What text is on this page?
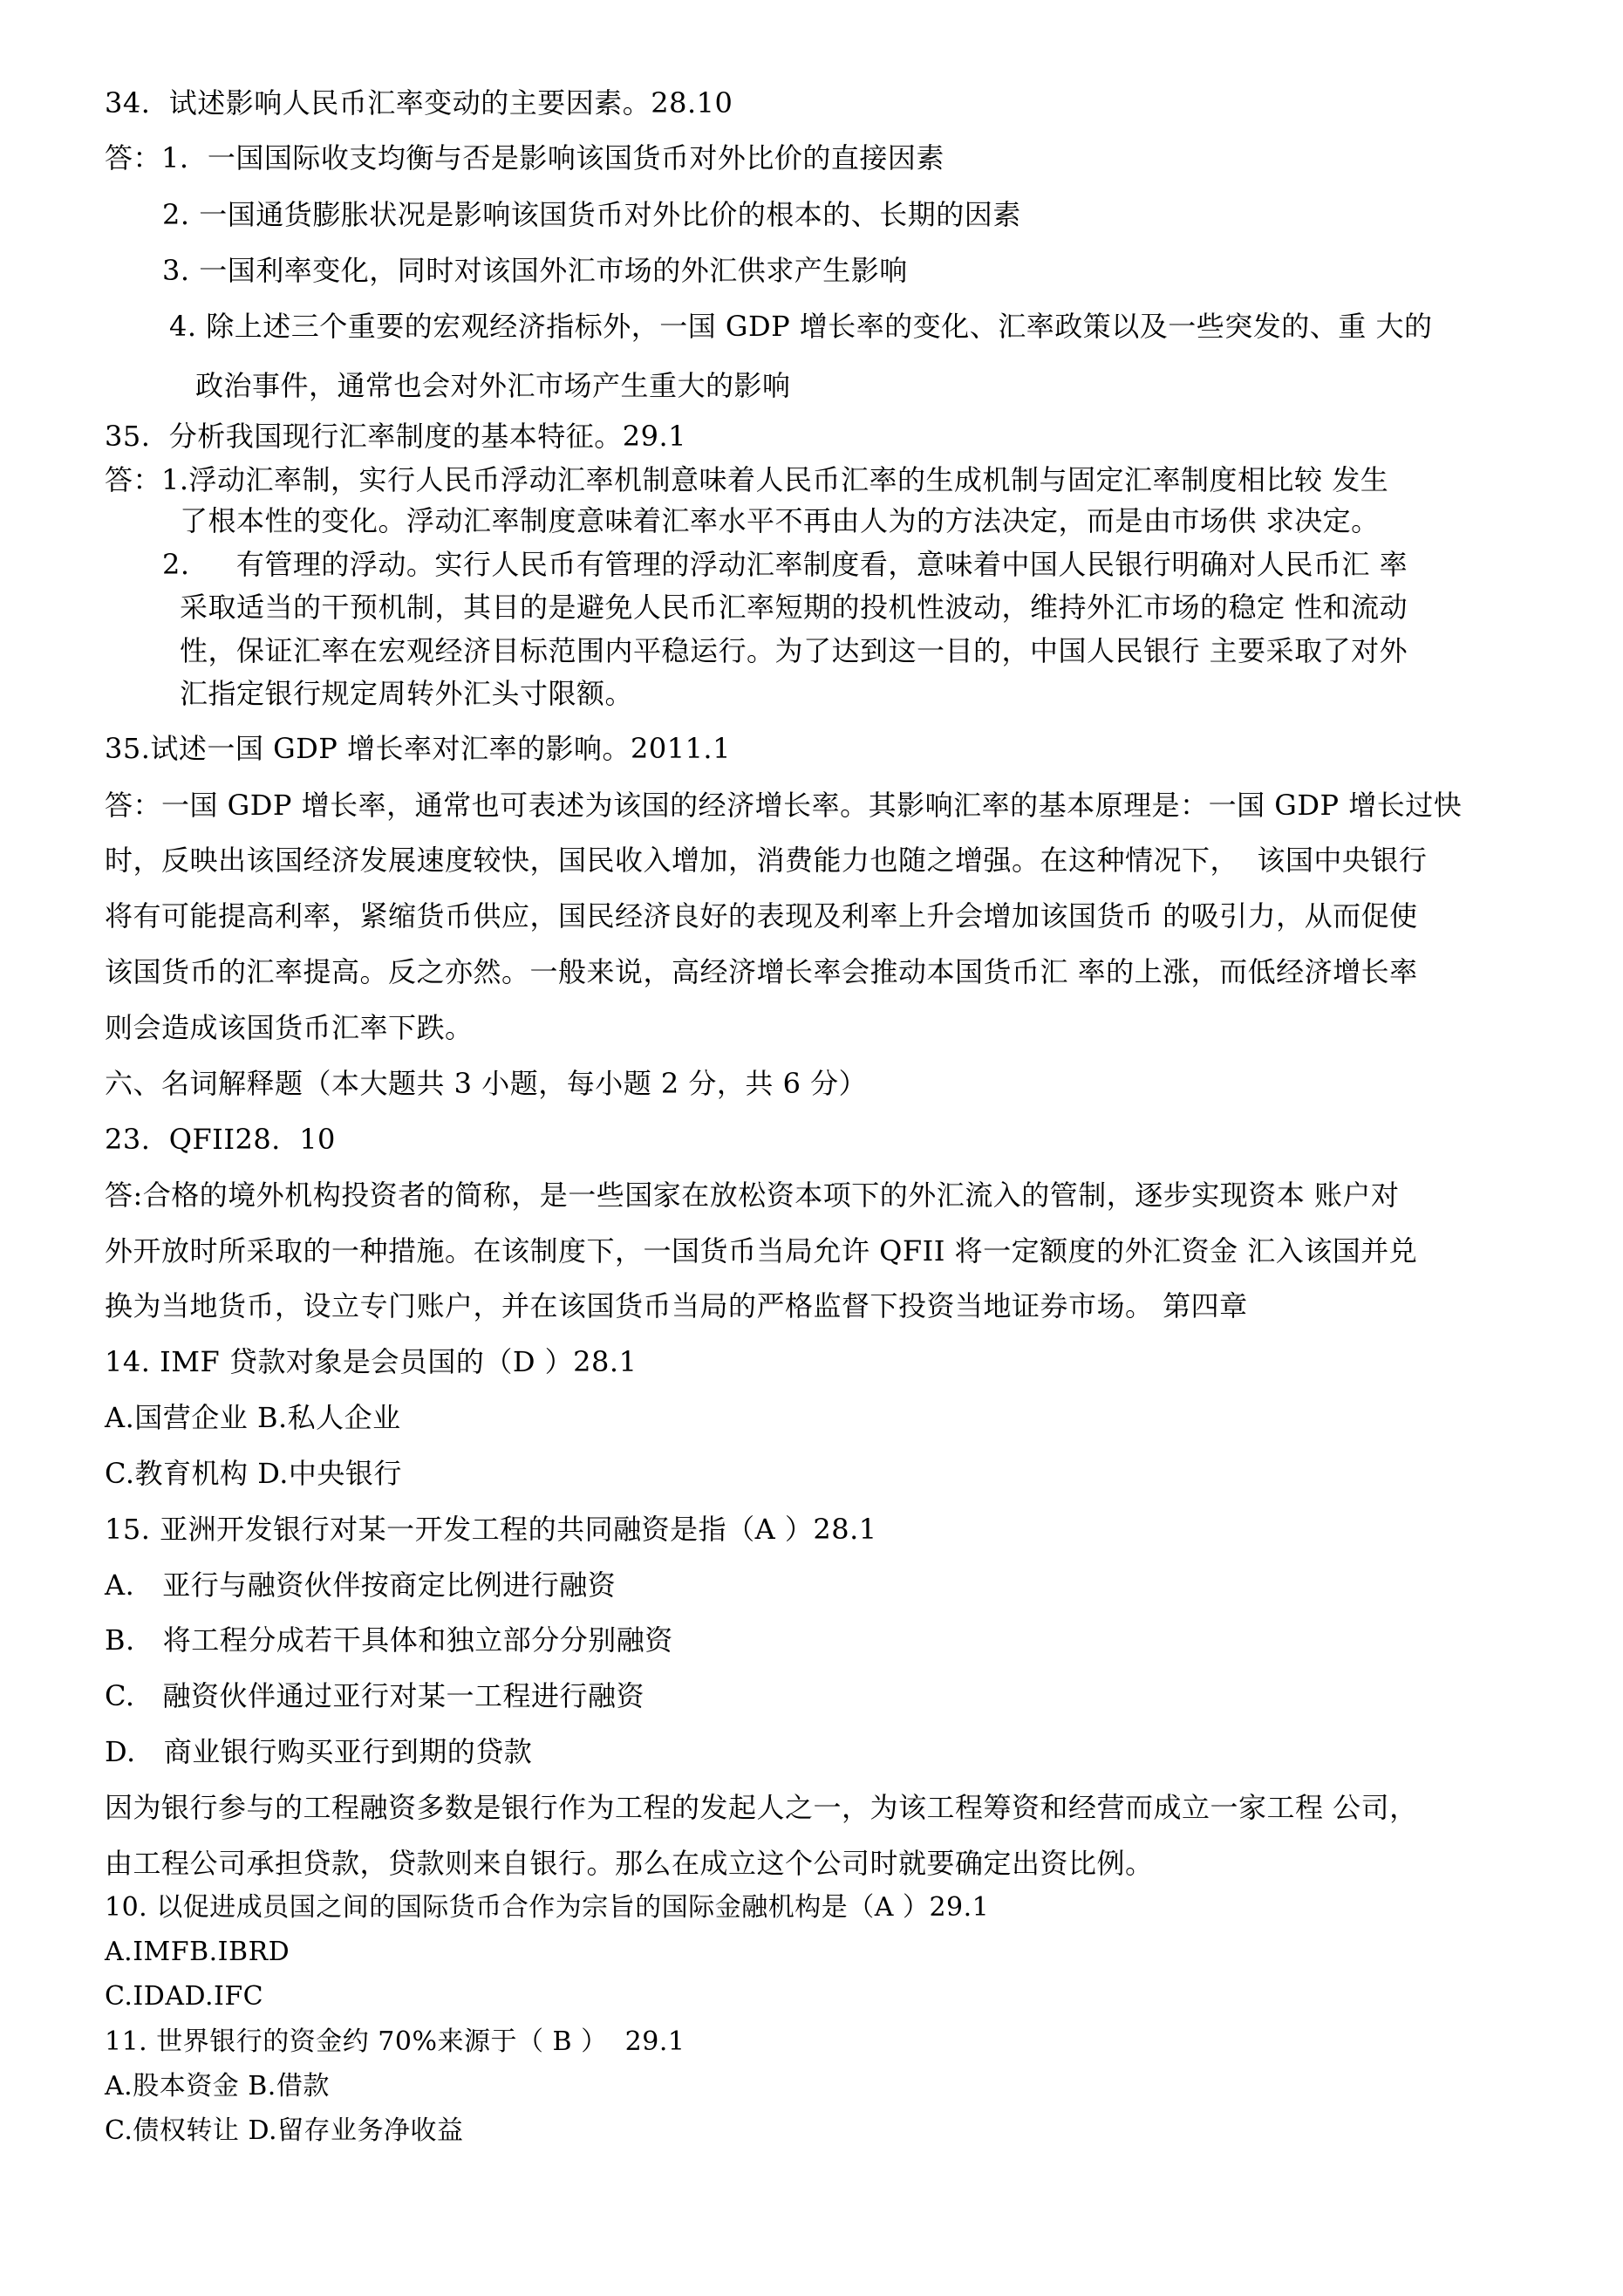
34.  试述影响人民币汇率变动的主要因素。28.10

答：1.  一国国际收支均衡与否是影响该国货币对外比价的直接因素

2. 一国通货膨胀状况是影响该国货币对外比价的根本的、长期的因素

3. 一国利率变化，同时对该国外汇市场的外汇供求产生影响

4. 除上述三个重要的宏观经济指标外，一国 GDP 增长率的变化、汇率政策以及一些突发的、重 大的

政治事件，通常也会对外汇市场产生重大的影响

35.  分析我国现行汇率制度的基本特征。29.1

答：1.浮动汇率制，实行人民币浮动汇率机制意味着人民币汇率的生成机制与固定汇率制度相比较 发生

了根本性的变化。浮动汇率制度意味着汇率水平不再由人为的方法决定，而是由市场供 求决定。

2.     有管理的浮动。实行人民币有管理的浮动汇率制度看，意味着中国人民银行明确对人民币汇 率

采取适当的干预机制，其目的是避免人民币汇率短期的投机性波动，维持外汇市场的稳定 性和流动

性，保证汇率在宏观经济目标范围内平稳运行。为了达到这一目的，中国人民银行 主要采取了对外

汇指定银行规定周转外汇头寸限额。

35.试述一国 GDP 增长率对汇率的影响。2011.1

答：一国 GDP 增长率，通常也可表述为该国的经济增长率。其影响汇率的基本原理是：一国 GDP 增长过快

时，反映出该国经济发展速度较快，国民收入增加，消费能力也随之增强。在这种情况下，  该国中央银行

将有可能提高利率，紧缩货币供应，国民经济良好的表现及利率上升会增加该国货币 的吸引力，从而促使

该国货币的汇率提高。反之亦然。一般来说，高经济增长率会推动本国货币汇 率的上涨，而低经济增长率

则会造成该国货币汇率下跌。

六、名词解释题（本大题共 3 小题，每小题 2 分，共 6 分）

23.  QFII28.  10

答:合格的境外机构投资者的简称，是一些国家在放松资本项下的外汇流入的管制，逐步实现资本 账户对

外开放时所采取的一种措施。在该制度下，一国货币当局允许 QFII 将一定额度的外汇资金 汇入该国并兑

换为当地货币，设立专门账户，并在该国货币当局的严格监督下投资当地证券市场。 第四章

14. IMF 贷款对象是会员国的（D ）28.1

A.国营企业 B.私人企业

C.教育机构 D.中央银行

15. 亚洲开发银行对某一开发工程的共同融资是指（A ）28.1

A.   亚行与融资伙伴按商定比例进行融资

B.   将工程分成若干具体和独立部分分别融资

C.   融资伙伴通过亚行对某一工程进行融资

D.   商业银行购买亚行到期的贷款

因为银行参与的工程融资多数是银行作为工程的发起人之一，为该工程筹资和经营而成立一家工程 公司，

由工程公司承担贷款，贷款则来自银行。那么在成立这个公司时就要确定出资比例。

10. 以促进成员国之间的国际货币合作为宗旨的国际金融机构是（A ）29.1

A.IMFB.IBRD

C.IDAD.IFC

11. 世界银行的资金约 70%来源于（ B ）  29.1

A.股本资金 B.借款

C.债权转让 D.留存业务净收益
